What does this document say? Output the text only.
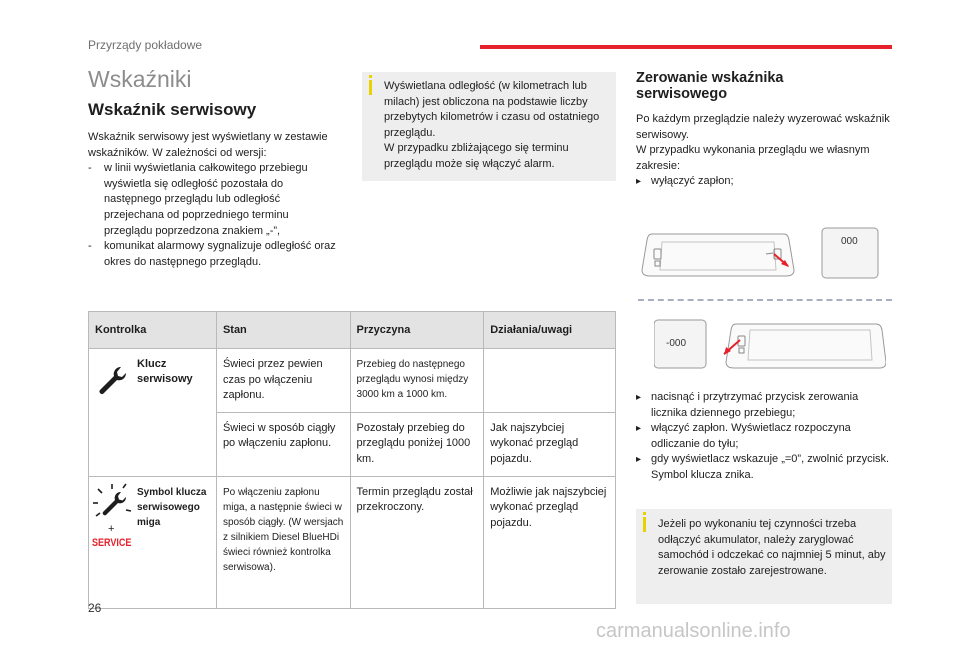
Przyrządy pokładowe
Wskaźniki
Wskaźnik serwisowy
Wskaźnik serwisowy jest wyświetlany w zestawie wskaźników. W zależności od wersji:
- w linii wyświetlania całkowitego przebiegu wyświetla się odległość pozostała do następnego przeglądu lub odległość przejechana od poprzedniego terminu przeglądu poprzedzona znakiem „-”,
- komunikat alarmowy sygnalizuje odległość oraz okres do następnego przeglądu.
Wyświetlana odległość (w kilometrach lub milach) jest obliczona na podstawie liczby przebytych kilometrów i czasu od ostatniego przeglądu.
W przypadku zbliżającego się terminu przeglądu może się włączyć alarm.
Zerowanie wskaźnika
serwisowego
Po każdym przeglądzie należy wyzerować wskaźnik serwisowy.
W przypadku wykonania przeglądu we własnym zakresie:
▸ wyłączyć zapłon;
000
-000
▸ nacisnąć i przytrzymać przycisk zerowania licznika dziennego przebiegu;
▸ włączyć zapłon. Wyświetlacz rozpoczyna odliczanie do tyłu;
▸ gdy wyświetlacz wskazuje „=0”, zwolnić przycisk. Symbol klucza znika.
Jeżeli po wykonaniu tej czynności trzeba odłączyć akumulator, należy zaryglować samochód i odczekać co najmniej 5 minut, aby zerowanie zostało zarejestrowane.
Kontrolka	Stan	Przyczyna	Działania/uwagi

Klucz serwisowy	Świeci przez pewien czas po włączeniu zapłonu.	Przebieg do następnego przeglądu wynosi między 3000 km a 1000 km.	
	Świeci w sposób ciągły po włączeniu zapłonu.	Pozostały przebieg do przeglądu poniżej 1000 km.	Jak najszybciej wykonać przegląd pojazdu.

+
SERVICE
Symbol klucza serwisowego miga	Po włączeniu zapłonu miga, a następnie świeci w sposób ciągły. (W wersjach z silnikiem Diesel BlueHDi świeci również kontrolka serwisowa).	Termin przeglądu został przekroczony.	Możliwie jak najszybciej wykonać przegląd pojazdu.
26
carmanualsonline.info
